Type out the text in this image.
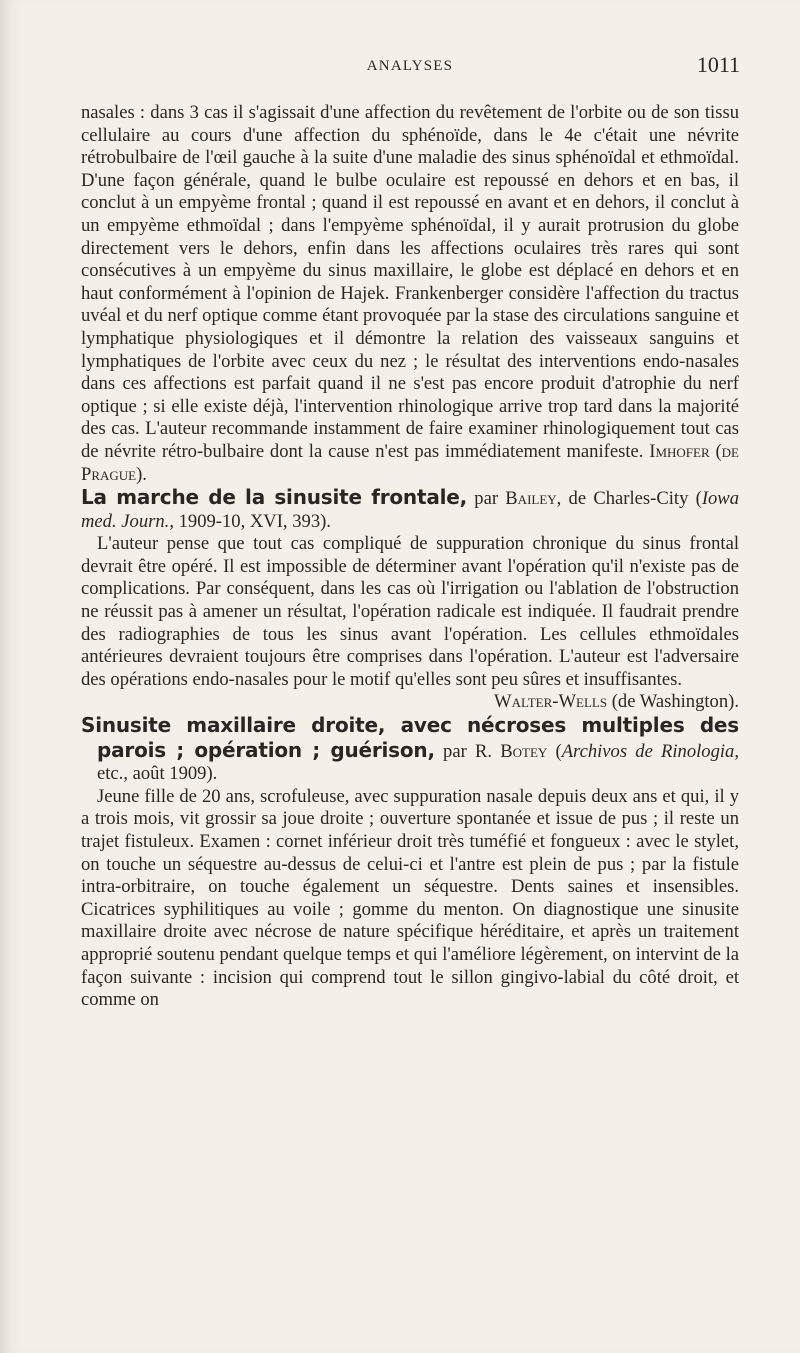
ANALYSES	1011

nasales : dans 3 cas il s'agissait d'une affection du revêtement de l'orbite ou de son tissu cellulaire au cours d'une affection du sphénoïde, dans le 4e c'était une névrite rétrobulbaire de l'œil gauche à la suite d'une maladie des sinus sphénoïdal et ethmoïdal. D'une façon générale, quand le bulbe oculaire est repoussé en dehors et en bas, il conclut à un empyème frontal ; quand il est repoussé en avant et en dehors, il conclut à un empyème ethmoïdal ; dans l'empyème sphénoïdal, il y aurait protrusion du globe directement vers le dehors, enfin dans les affections oculaires très rares qui sont consécutives à un empyème du sinus maxillaire, le globe est déplacé en dehors et en haut conformément à l'opinion de Hajek. Frankenberger considère l'affection du tractus uvéal et du nerf optique comme étant provoquée par la stase des circulations sanguine et lymphatique physiologiques et il démontre la relation des vaisseaux sanguins et lymphatiques de l'orbite avec ceux du nez ; le résultat des interventions endo-nasales dans ces affections est parfait quand il ne s'est pas encore produit d'atrophie du nerf optique ; si elle existe déjà, l'intervention rhinologique arrive trop tard dans la majorité des cas. L'auteur recommande instamment de faire examiner rhinologiquement tout cas de névrite rétro-bulbaire dont la cause n'est pas immédiatement manifeste. Imhofer (de Prague).

La marche de la sinusite frontale, par Bailey, de Charles-City (Iowa med. Journ., 1909-10, XVI, 393).

L'auteur pense que tout cas compliqué de suppuration chronique du sinus frontal devrait être opéré. Il est impossible de déterminer avant l'opération qu'il n'existe pas de complications. Par conséquent, dans les cas où l'irrigation ou l'ablation de l'obstruction ne réussit pas à amener un résultat, l'opération radicale est indiquée. Il faudrait prendre des radiographies de tous les sinus avant l'opération. Les cellules ethmoïdales antérieures devraient toujours être comprises dans l'opération. L'auteur est l'adversaire des opérations endo-nasales pour le motif qu'elles sont peu sûres et insuffisantes.

Walter-Wells (de Washington).

Sinusite maxillaire droite, avec nécroses multiples des parois ; opération ; guérison, par R. Botey (Archivos de Rinologia, etc., août 1909).

Jeune fille de 20 ans, scrofuleuse, avec suppuration nasale depuis deux ans et qui, il y a trois mois, vit grossir sa joue droite ; ouverture spontanée et issue de pus ; il reste un trajet fistuleux. Examen : cornet inférieur droit très tuméfié et fongueux : avec le stylet, on touche un séquestre au-dessus de celui-ci et l'antre est plein de pus ; par la fistule intra-orbitraire, on touche également un séquestre. Dents saines et insensibles. Cicatrices syphilitiques au voile ; gomme du menton. On diagnostique une sinusite maxillaire droite avec nécrose de nature spécifique héréditaire, et après un traitement approprié soutenu pendant quelque temps et qui l'améliore légèrement, on intervint de la façon suivante : incision qui comprend tout le sillon gingivo-labial du côté droit, et comme on
